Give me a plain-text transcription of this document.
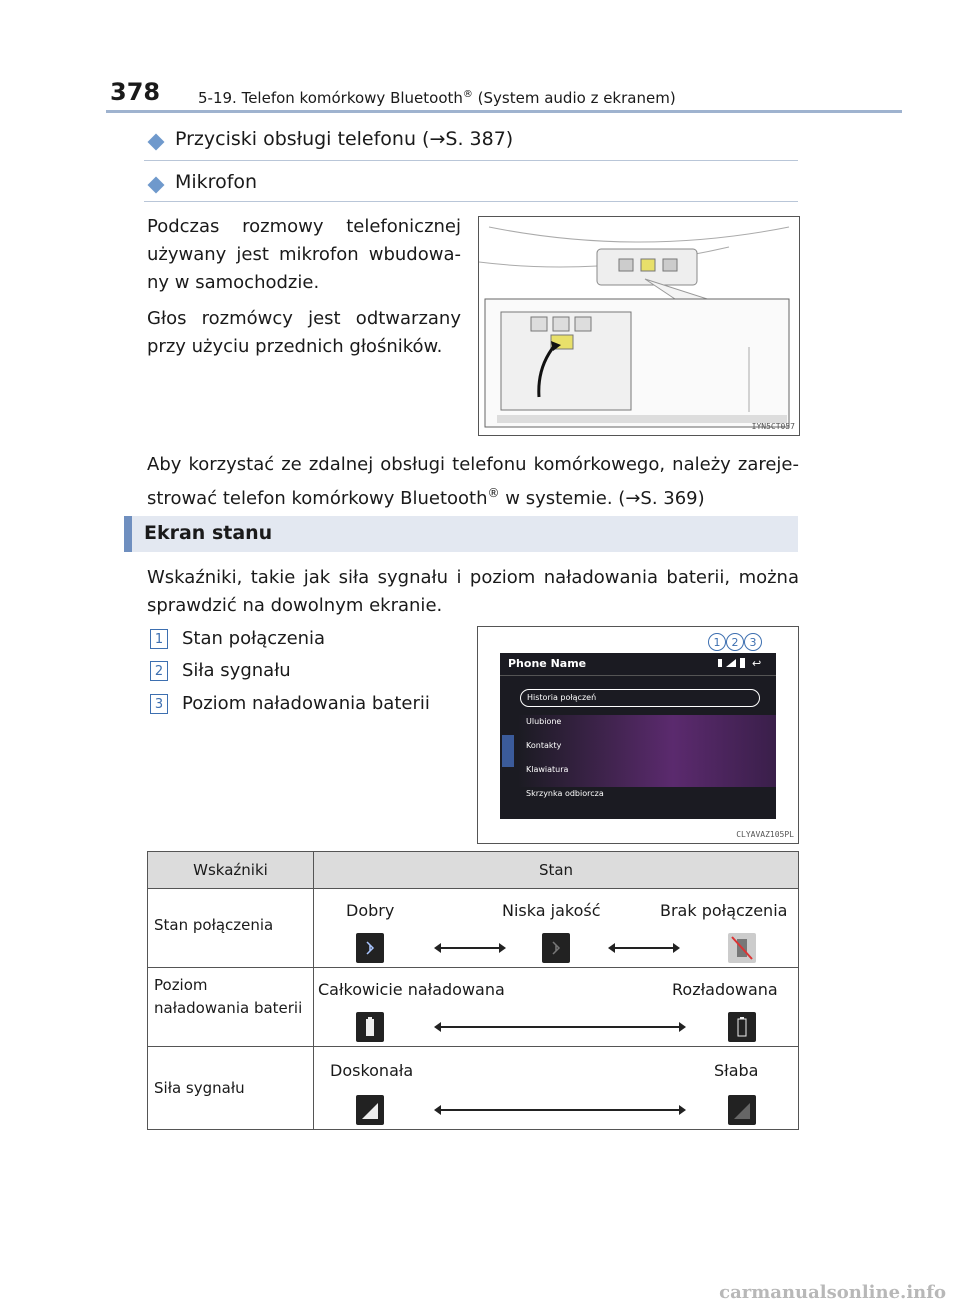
378	5-19. Telefon komórkowy Bluetooth® (System audio z ekranem)
Przyciski obsługi telefonu (→S. 387)
Mikrofon
Podczas rozmowy telefonicznej używany jest mikrofon wbudowa-ny w samochodzie.
Głos rozmówcy jest odtwarzany przy użyciu przednich głośników.
IYN5CT057
Aby korzystać ze zdalnej obsługi telefonu komórkowego, należy zareje-strować telefon komórkowy Bluetooth® w systemie. (→S. 369)
Ekran stanu
Wskaźniki, takie jak siła sygnału i poziom naładowania baterii, można sprawdzić na dowolnym ekranie.
1 Stan połączenia
2 Siła sygnału
3 Poziom naładowania baterii
1 2 3
Phone Name	↩
Historia połączeń
Ulubione
Kontakty
Klawiatura
Skrzynka odbiorcza
CLYAVAZ105PL
Wskaźniki	Stan

Stan połączenia	Dobry Niska jakość Brak połączenia

Poziom naładowania baterii	Całkowicie naładowana Rozładowana

Siła sygnału	Doskonała Słaba
carmanualsonline.info
